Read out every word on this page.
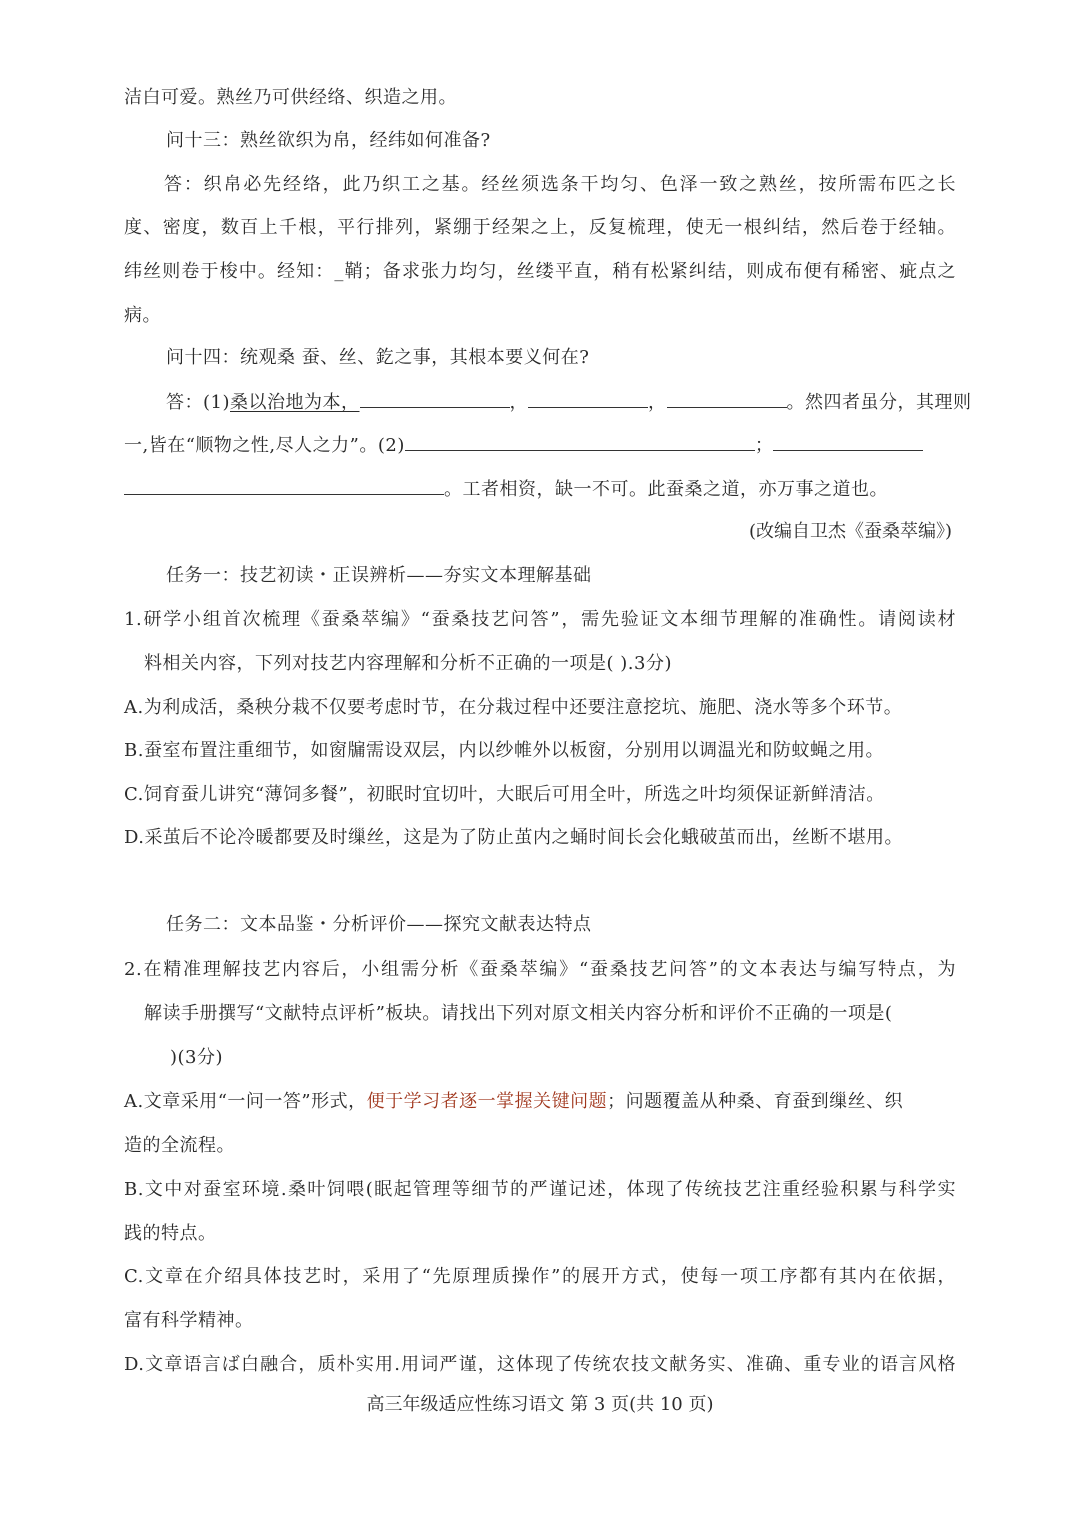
洁白可爱。熟丝乃可供经络、织造之用。
问十三：熟丝欲织为帛，经纬如何准备?
答：织帛必先经络，此乃织工之基。经丝须选条干均匀、色泽一致之熟丝，按所需布匹之长
度、密度，数百上千根，平行排列，紧绷于经架之上，反复梳理，使无一根纠结，然后卷于经轴。
纬丝则卷于梭中。经知：_鞘；备求张力均匀，丝缕平直，稍有松紧纠结，则成布便有稀密、疵点之
病。
问十四：统观桑 蚕、丝、釳之事，其根本要义何在?
答：(1)桑以治地为本，	，	，	。然四者虽分，其理则
一,皆在“顺物之性,尽人之力”。(2)	；
。工者相资，缺一不可。此蚕桑之道，亦万事之道也。
(改编自卫杰《蚕桑萃编》)
任务一：技艺初读・正误辨析——夯实文本理解基础
1.研学小组首次梳理《蚕桑萃编》“蚕桑技艺问答”，需先验证文本细节理解的准确性。请阅读材
料相关内容，下列对技艺内容理解和分析不正确的一项是( ).3分)
A.为利成活，桑秧分栽不仅要考虑时节，在分栽过程中还要注意挖坑、施肥、浇水等多个环节。
B.蚕室布置注重细节，如窗牖需设双层，内以纱帷外以板窗，分别用以调温光和防蚊蝇之用。
C.饲育蚕儿讲究“薄饲多餐”，初眠时宜切叶，大眠后可用全叶，所选之叶均须保证新鲜清洁。
D.采茧后不论冷暖都要及时缫丝，这是为了防止茧内之蛹时间长会化蛾破茧而出，丝断不堪用。
任务二：文本品鉴・分析评价——探究文献表达特点
2.在精准理解技艺内容后，小组需分析《蚕桑萃编》“蚕桑技艺问答”的文本表达与编写特点，为
解读手册撰写“文献特点评析”板块。请找出下列对原文相关内容分析和评价不正确的一项是(
)(3分)
A.文章采用“一问一答”形式，便于学习者逐一掌握关键问题；问题覆盖从种桑、育蚕到缫丝、织
造的全流程。
B.文中对蚕室环境.桑叶饲喂(眠起管理等细节的严谨记述，体现了传统技艺注重经验积累与科学实
践的特点。
C.文章在介绍具体技艺时，采用了“先原理质操作”的展开方式，使每一项工序都有其内在依据，
富有科学精神。
D.文章语言ば白融合，质朴实用.用词严谨，这体现了传统农技文献务实、准确、重专业的语言风格
高三年级适应性练习语文 第 3 页(共 10 页)
